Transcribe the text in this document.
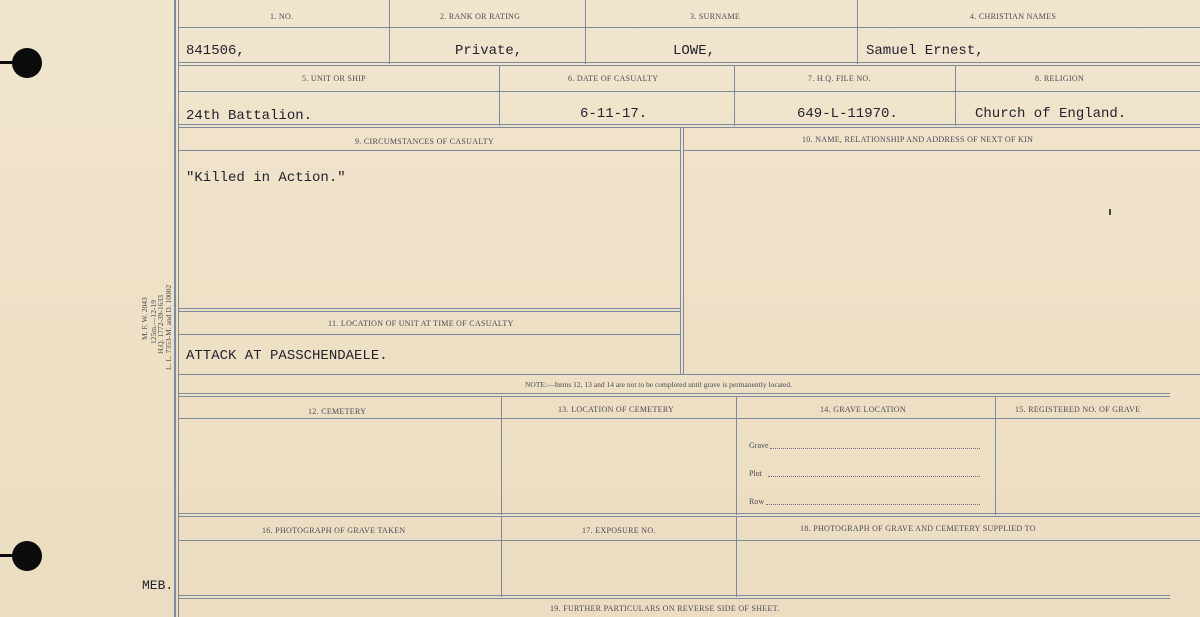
M. F. W. 2043 125m.—12-19
H.Q. 1772-39-1633 L. L. 7353-M. and D. 10002
MEB.
1. NO.	2. RANK OR RATING	3. SURNAME	4. CHRISTIAN NAMES
841506,	Private,	LOWE,	Samuel Ernest,
5. UNIT OR SHIP	6. DATE OF CASUALTY	7. H.Q. FILE NO.	8. RELIGION
24th Battalion.	6-11-17.	649-L-11970.	Church of England.
9. CIRCUMSTANCES OF CASUALTY	10. NAME, RELATIONSHIP AND ADDRESS OF NEXT OF KIN
"Killed in Action."
11. LOCATION OF UNIT AT TIME OF CASUALTY
ATTACK AT PASSCHENDAELE.
NOTE:—Items 12, 13 and 14 are not to be completed until grave is permanently located.
12. CEMETERY	13. LOCATION OF CEMETERY	14. GRAVE LOCATION	15. REGISTERED NO. OF GRAVE
Grave
Plot
Row
16. PHOTOGRAPH OF GRAVE TAKEN	17. EXPOSURE NO.	18. PHOTOGRAPH OF GRAVE AND CEMETERY SUPPLIED TO
19. FURTHER PARTICULARS ON REVERSE SIDE OF SHEET.
